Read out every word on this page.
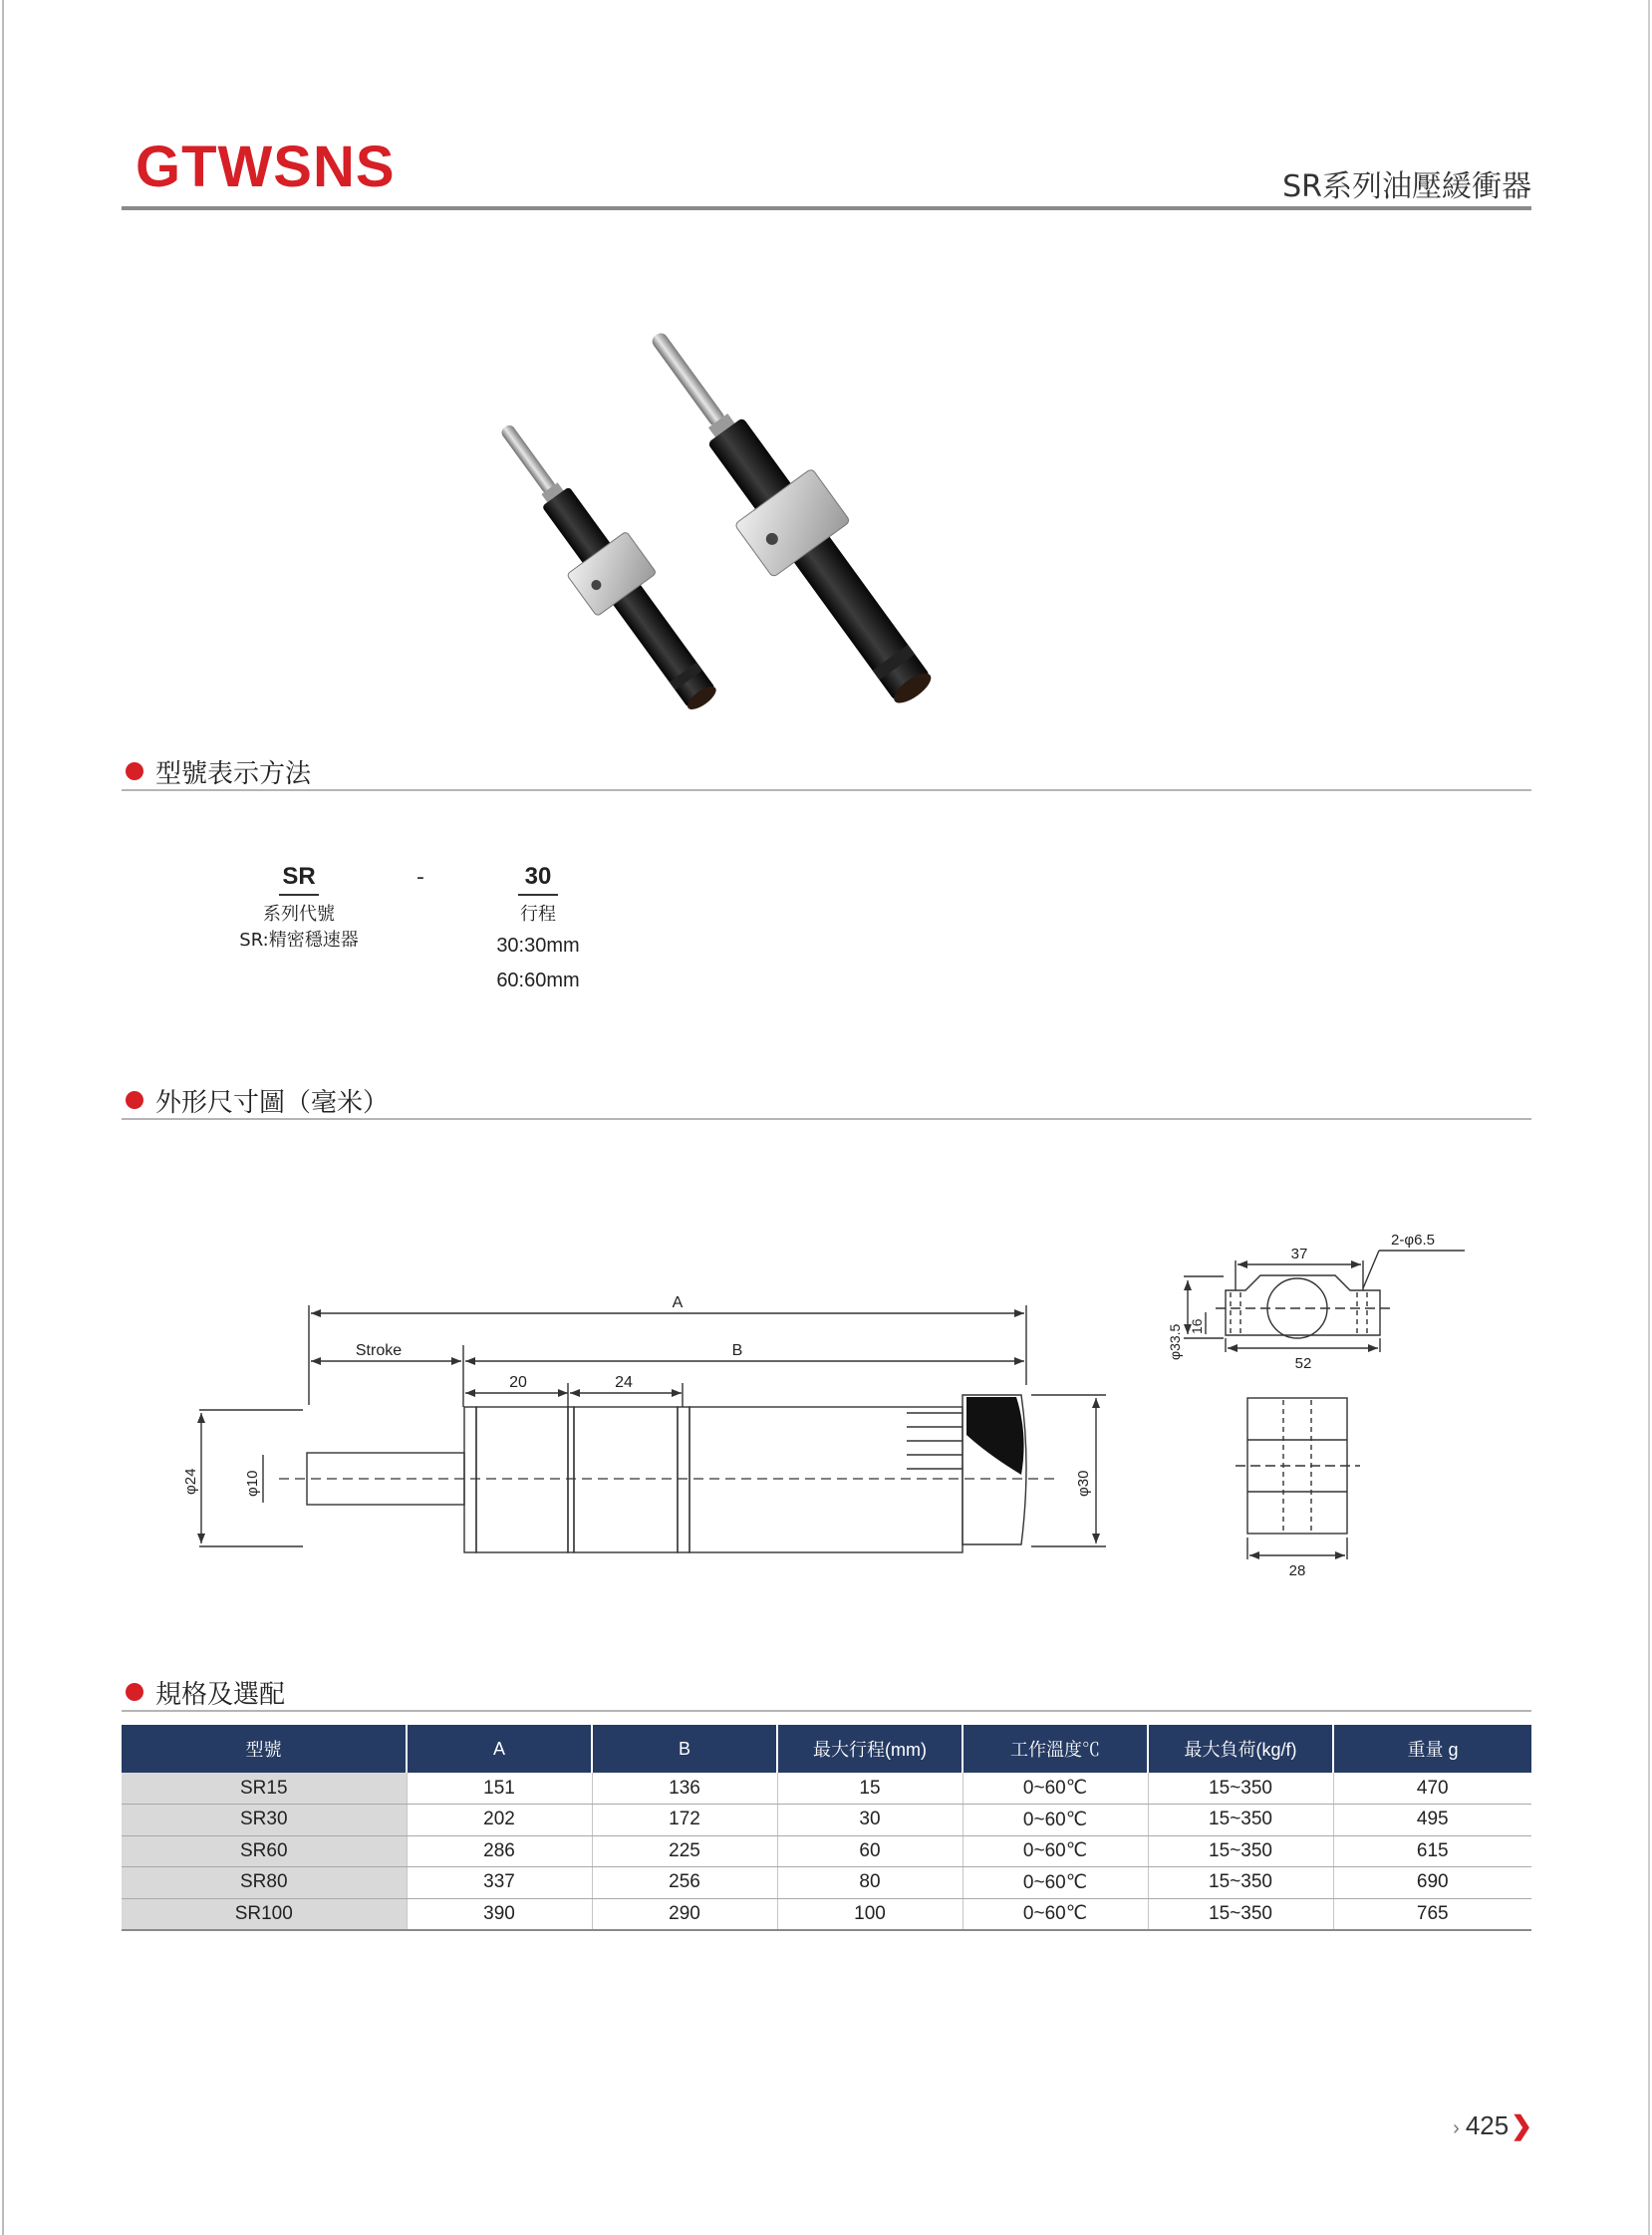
GTWSNS	SR系列油壓緩衝器
型號表示方法
SR
系列代號
SR:精密穩速器
-	30
行程
30:30mm
60:60mm
外形尺寸圖（毫米）
A
Stroke	B
20	24
φ24	φ10	φ30
37
2-φ6.5
φ33.5 16
52
28
規格及選配
型號	A	B	最大行程(mm)	工作溫度℃	最大負荷(kg/f)	重量 g
SR15	151	136	15	0~60℃	15~350	470
SR30	202	172	30	0~60℃	15~350	495
SR60	286	225	60	0~60℃	15~350	615
SR80	337	256	80	0~60℃	15~350	690
SR100	390	290	100	0~60℃	15~350	765
› 425❯
